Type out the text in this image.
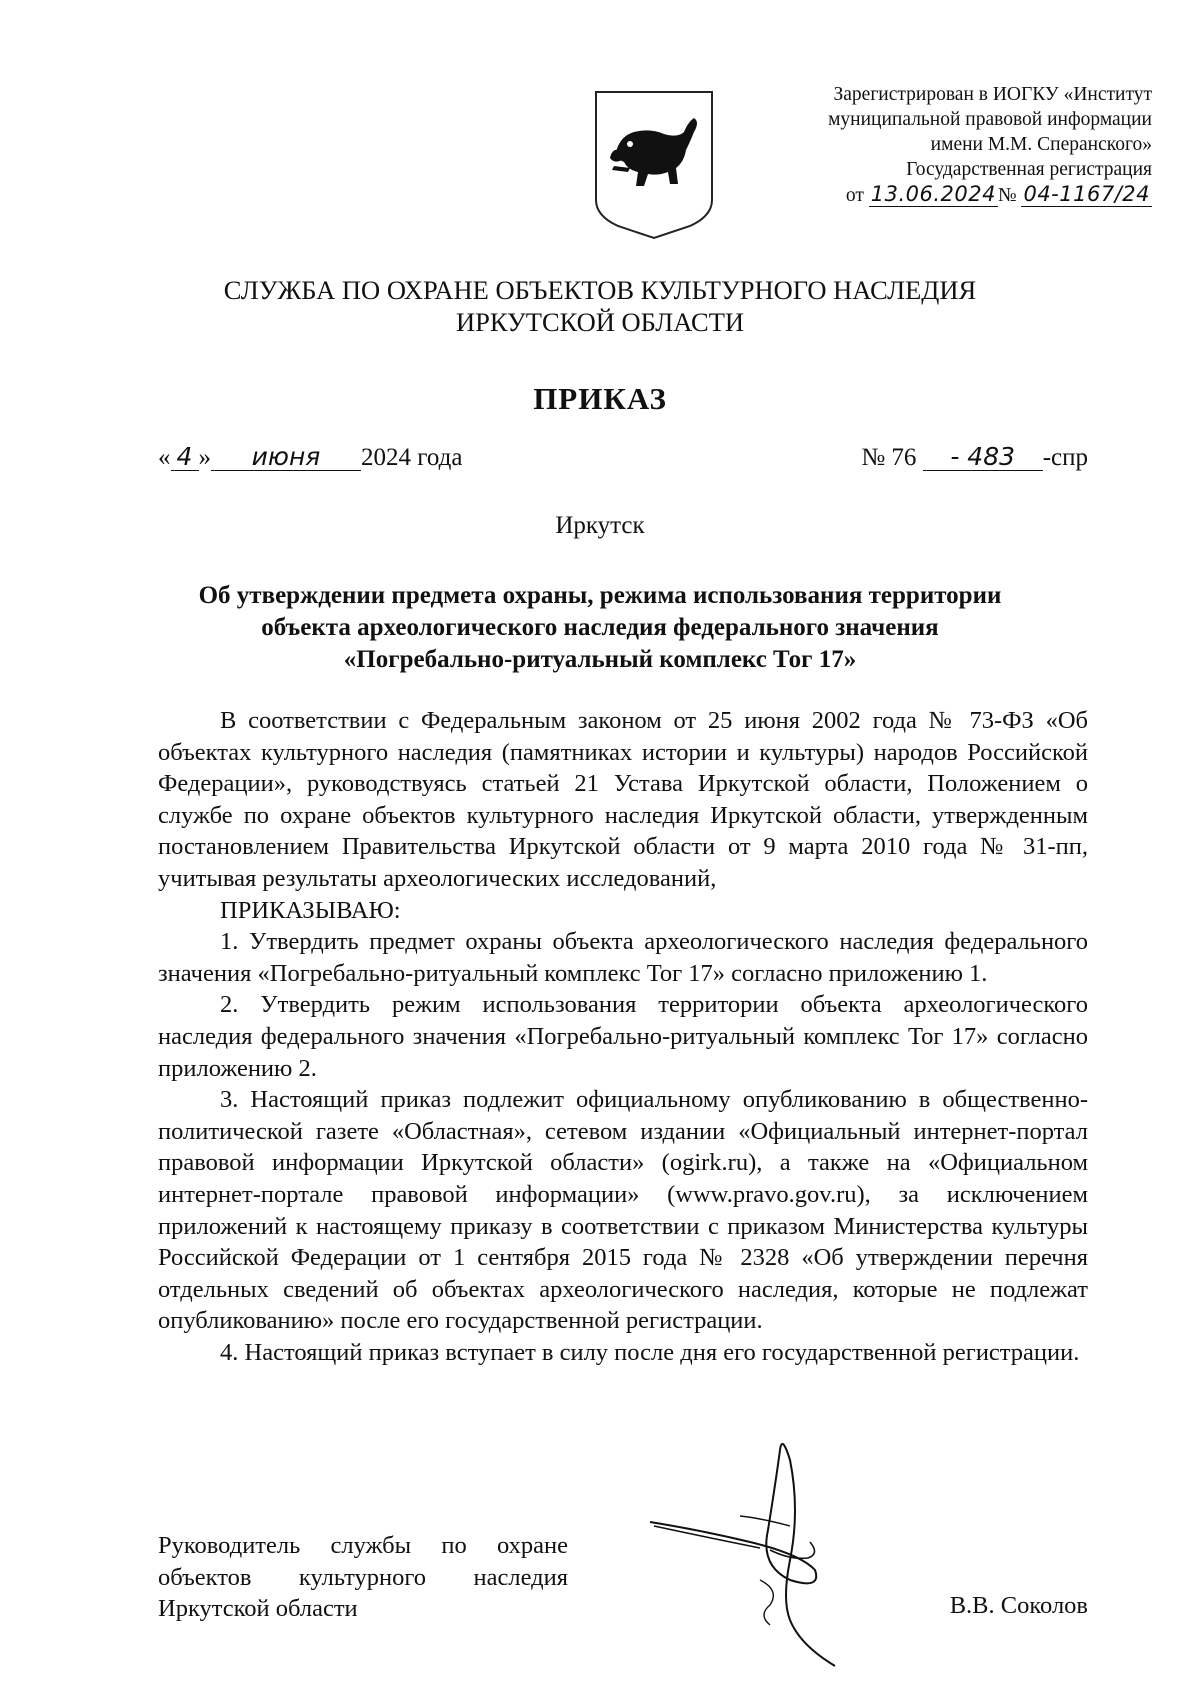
Зарегистрирован в ИОГКУ «Институт
муниципальной правовой информации
имени М.М. Сперанского»
Государственная регистрация
от 13.06.2024 № 04-1167/24
СЛУЖБА ПО ОХРАНЕ ОБЪЕКТОВ КУЛЬТУРНОГО НАСЛЕДИЯ
ИРКУТСКОЙ ОБЛАСТИ
ПРИКАЗ
« 4 » июня 2024 года	№ 76 - 483 -спр
Иркутск
Об утверждении предмета охраны, режима использования территории
объекта археологического наследия федерального значения
«Погребально-ритуальный комплекс Тог 17»

В соответствии с Федеральным законом от 25 июня 2002 года № 73-ФЗ «Об объектах культурного наследия (памятниках истории и культуры) народов Российской Федерации», руководствуясь статьей 21 Устава Иркутской области, Положением о службе по охране объектов культурного наследия Иркутской области, утвержденным постановлением Правительства Иркутской области от 9 марта 2010 года № 31-пп, учитывая результаты археологических исследований,

ПРИКАЗЫВАЮ:

1. Утвердить предмет охраны объекта археологического наследия федерального значения «Погребально-ритуальный комплекс Тог 17» согласно приложению 1.

2. Утвердить режим использования территории объекта археологического наследия федерального значения «Погребально-ритуальный комплекс Тог 17» согласно приложению 2.

3. Настоящий приказ подлежит официальному опубликованию в общественно-политической газете «Областная», сетевом издании «Официальный интернет-портал правовой информации Иркутской области» (ogirk.ru), а также на «Официальном интернет-портале правовой информации» (www.pravo.gov.ru), за исключением приложений к настоящему приказу в соответствии с приказом Министерства культуры Российской Федерации от 1 сентября 2015 года № 2328 «Об утверждении перечня отдельных сведений об объектах археологического наследия, которые не подлежат опубликованию» после его государственной регистрации.

4. Настоящий приказ вступает в силу после дня его государственной регистрации.

Руководитель службы по охране
объектов культурного наследия
Иркутской области	В.В. Соколов
